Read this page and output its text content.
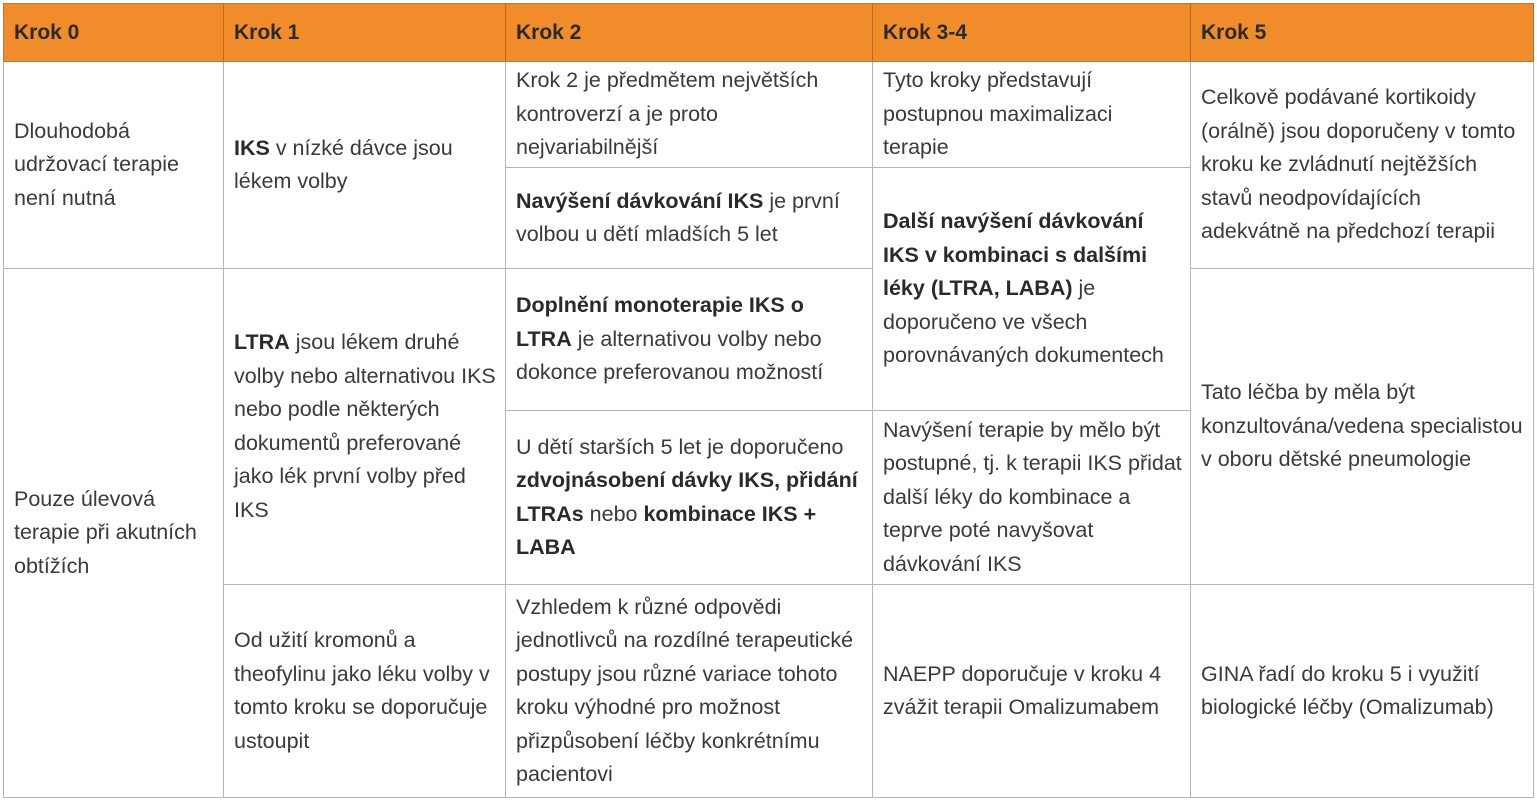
Krok 0	Krok 1	Krok 2	Krok 3-4	Krok 5
Dlouhodobá udržovací terapie není nutná	IKS v nízké dávce jsou lékem volby	Krok 2 je předmětem největších kontroverzí a je proto nejvariabilnější	Tyto kroky představují postupnou maximalizaci terapie	Celkově podávané kortikoidy (orálně) jsou doporučeny v tomto kroku ke zvládnutí nejtěžších stavů neodpovídajících adekvátně na předchozí terapii
		Navýšení dávkování IKS je první volbou u dětí mladších 5 let	Další navýšení dávkování IKS v kombinaci s dalšími léky (LTRA, LABA) je doporučeno ve všech porovnávaných dokumentech	
Pouze úlevová terapie při akutních obtížích	LTRA jsou lékem druhé volby nebo alternativou IKS nebo podle některých dokumentů preferované jako lék první volby před IKS	Doplnění monoterapie IKS o LTRA je alternativou volby nebo dokonce preferovanou možností		Tato léčba by měla být konzultována/vedena specialistou v oboru dětské pneumologie
		U dětí starších 5 let je doporučeno zdvojnásobení dávky IKS, přidání LTRAs nebo kombinace IKS + LABA	Navýšení terapie by mělo být postupné, tj. k terapii IKS přidat další léky do kombinace a teprve poté navyšovat dávkování IKS	
	Od užití kromonů a theofylinu jako léku volby v tomto kroku se doporučuje ustoupit	Vzhledem k různé odpovědi jednotlivců na rozdílné terapeutické postupy jsou různé variace tohoto kroku výhodné pro možnost přizpůsobení léčby konkrétnímu pacientovi	NAEPP doporučuje v kroku 4 zvážit terapii Omalizumabem	GINA řadí do kroku 5 i využití biologické léčby (Omalizumab)
